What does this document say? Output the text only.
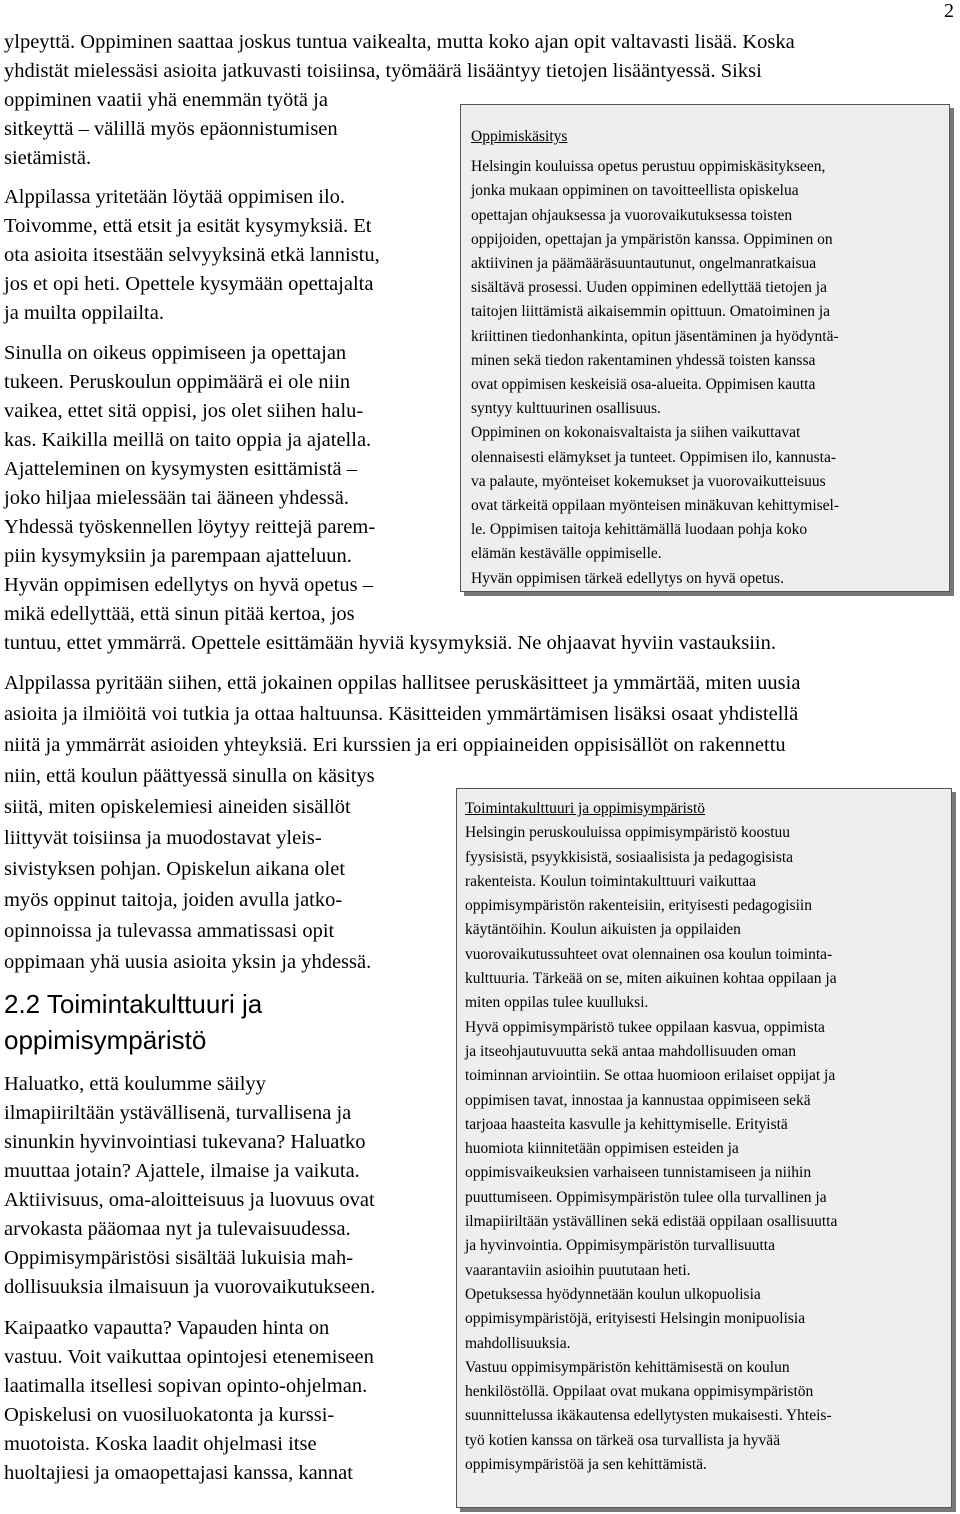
2
ylpeyttä. Oppiminen saattaa joskus tuntua vaikealta, mutta koko ajan opit valtavasti lisää. Koska
yhdistät mielessäsi asioita jatkuvasti toisiinsa, työmäärä lisääntyy tietojen lisääntyessä. Siksi
oppiminen vaatii yhä enemmän työtä ja
sitkeyttä – välillä myös epäonnistumisen
sietämistä.
Alppilassa yritetään löytää oppimisen ilo.
Toivomme, että etsit ja esität kysymyksiä. Et
ota asioita itsestään selvyyksinä etkä lannistu,
jos et opi heti. Opettele kysymään opettajalta
ja muilta oppilailta.
Sinulla on oikeus oppimiseen ja opettajan
tukeen. Peruskoulun oppimäärä ei ole niin
vaikea, ettet sitä oppisi, jos olet siihen halu-
kas. Kaikilla meillä on taito oppia ja ajatella.
Ajatteleminen on kysymysten esittämistä –
joko hiljaa mielessään tai ääneen yhdessä.
Yhdessä työskennellen löytyy reittejä parem-
piin kysymyksiin ja parempaan ajatteluun.
Hyvän oppimisen edellytys on hyvä opetus –
mikä edellyttää, että sinun pitää kertoa, jos
tuntuu, ettet ymmärrä. Opettele esittämään hyviä kysymyksiä. Ne ohjaavat hyviin vastauksiin.
Alppilassa pyritään siihen, että jokainen oppilas hallitsee peruskäsitteet ja ymmärtää, miten uusia
asioita ja ilmiöitä voi tutkia ja ottaa haltuunsa. Käsitteiden ymmärtämisen lisäksi osaat yhdistellä
niitä ja ymmärrät asioiden yhteyksiä. Eri kurssien ja eri oppiaineiden oppisisällöt on rakennettu
niin, että koulun päättyessä sinulla on käsitys
siitä, miten opiskelemiesi aineiden sisällöt
liittyvät toisiinsa ja muodostavat yleis-
sivistyksen pohjan. Opiskelun aikana olet
myös oppinut taitoja, joiden avulla jatko-
opinnoissa ja tulevassa ammatissasi opit
oppimaan yhä uusia asioita yksin ja yhdessä.
2.2 Toimintakulttuuri ja
oppimisympäristö
Haluatko, että koulumme säilyy
ilmapiiriltään ystävällisenä, turvallisena ja
sinunkin hyvinvointiasi tukevana? Haluatko
muuttaa jotain? Ajattele, ilmaise ja vaikuta.
Aktiivisuus, oma-aloitteisuus ja luovuus ovat
arvokasta pääomaa nyt ja tulevaisuudessa.
Oppimisympäristösi sisältää lukuisia mah-
dollisuuksia ilmaisuun ja vuorovaikutukseen.
Kaipaatko vapautta? Vapauden hinta on
vastuu. Voit vaikuttaa opintojesi etenemiseen
laatimalla itsellesi sopivan opinto-ohjelman.
Opiskelusi on vuosiluokatonta ja kurssi-
muotoista. Koska laadit ohjelmasi itse
huoltajiesi ja omaopettajasi kanssa, kannat
Oppimiskäsitys
Helsingin kouluissa opetus perustuu oppimiskäsitykseen,
jonka mukaan oppiminen on tavoitteellista opiskelua
opettajan ohjauksessa ja vuorovaikutuksessa toisten
oppijoiden, opettajan ja ympäristön kanssa. Oppiminen on
aktiivinen ja päämääräsuuntautunut, ongelmanratkaisua
sisältävä prosessi. Uuden oppiminen edellyttää tietojen ja
taitojen liittämistä aikaisemmin opittuun. Omatoiminen ja
kriittinen tiedonhankinta, opitun jäsentäminen ja hyödyntä-
minen sekä tiedon rakentaminen yhdessä toisten kanssa
ovat oppimisen keskeisiä osa-alueita. Oppimisen kautta
syntyy kulttuurinen osallisuus.
Oppiminen on kokonaisvaltaista ja siihen vaikuttavat
olennaisesti elämykset ja tunteet. Oppimisen ilo, kannusta-
va palaute, myönteiset kokemukset ja vuorovaikutteisuus
ovat tärkeitä oppilaan myönteisen minäkuvan kehittymisel-
le. Oppimisen taitoja kehittämällä luodaan pohja koko
elämän kestävälle oppimiselle.
Hyvän oppimisen tärkeä edellytys on hyvä opetus.
Toimintakulttuuri ja oppimisympäristö
Helsingin peruskouluissa oppimisympäristö koostuu
fyysisistä, psyykkisistä, sosiaalisista ja pedagogisista
rakenteista. Koulun toimintakulttuuri vaikuttaa
oppimisympäristön rakenteisiin, erityisesti pedagogisiin
käytäntöihin. Koulun aikuisten ja oppilaiden
vuorovaikutussuhteet ovat olennainen osa koulun toiminta-
kulttuuria. Tärkeää on se, miten aikuinen kohtaa oppilaan ja
miten oppilas tulee kuulluksi.
Hyvä oppimisympäristö tukee oppilaan kasvua, oppimista
ja itseohjautuvuutta sekä antaa mahdollisuuden oman
toiminnan arviointiin. Se ottaa huomioon erilaiset oppijat ja
oppimisen tavat, innostaa ja kannustaa oppimiseen sekä
tarjoaa haasteita kasvulle ja kehittymiselle. Erityistä
huomiota kiinnitetään oppimisen esteiden ja
oppimisvaikeuksien varhaiseen tunnistamiseen ja niihin
puuttumiseen. Oppimisympäristön tulee olla turvallinen ja
ilmapiiriltään ystävällinen sekä edistää oppilaan osallisuutta
ja hyvinvointia. Oppimisympäristön turvallisuutta
vaarantaviin asioihin puututaan heti.
Opetuksessa hyödynnetään koulun ulkopuolisia
oppimisympäristöjä, erityisesti Helsingin monipuolisia
mahdollisuuksia.
Vastuu oppimisympäristön kehittämisestä on koulun
henkilöstöllä. Oppilaat ovat mukana oppimisympäristön
suunnittelussa ikäkautensa edellytysten mukaisesti. Yhteis-
työ kotien kanssa on tärkeä osa turvallista ja hyvää
oppimisympäristöä ja sen kehittämistä.
